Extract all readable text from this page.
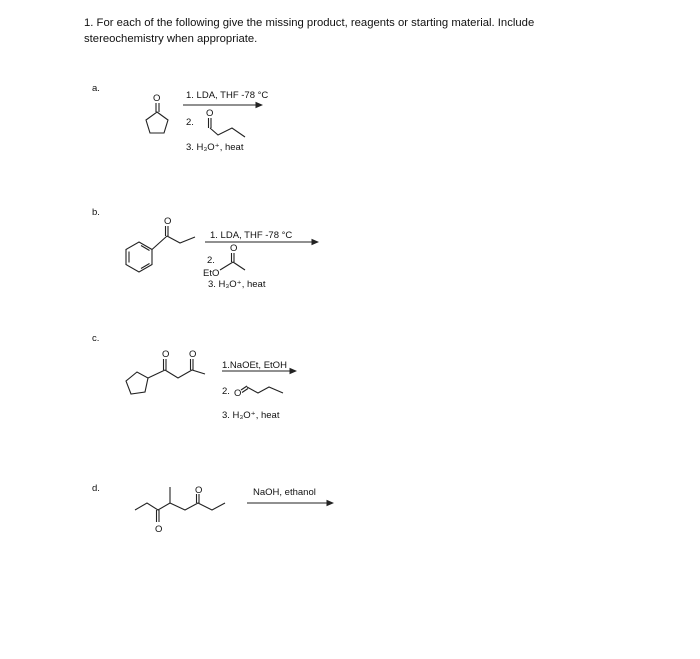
1. For each of the following give the missing product, reagents or starting material. Include
stereochemistry when appropriate.
a.
O	1. LDA, THF -78 °C
2.
O
3. H₃O⁺, heat
b.
O
1. LDA, THF -78 °C
2.
O
EtO
3. H₃O⁺, heat
c.
O O
1.NaOEt, EtOH
2. O
3. H₃O⁺, heat
d.
O
O	NaOH, ethanol
